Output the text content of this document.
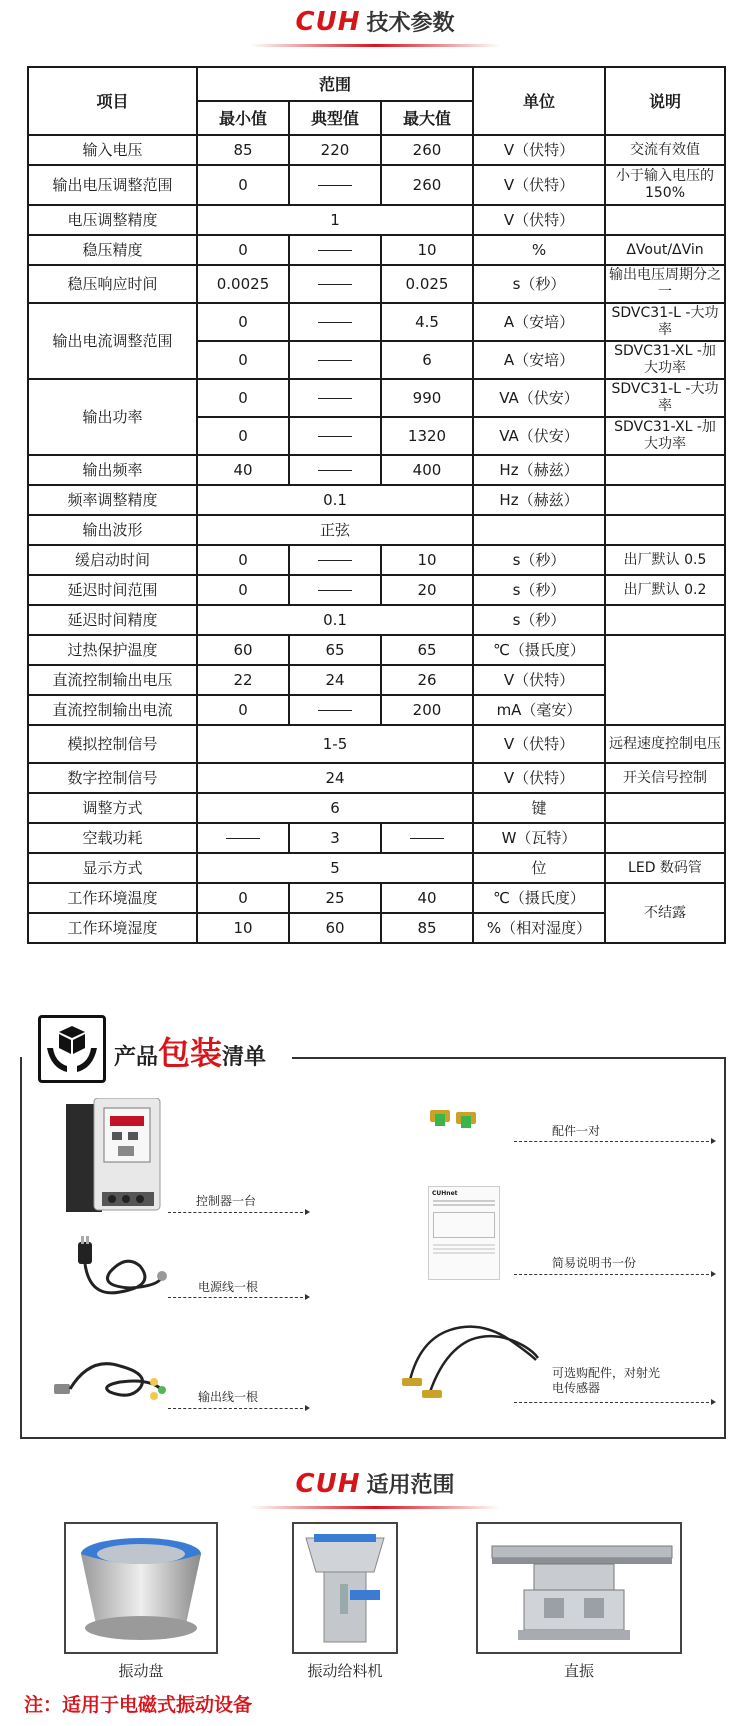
CUH 技术参数
项目	范围			单位	说明
	最小值	典型值	最大值		
输入电压	85	220	260	V（伏特）	交流有效值
输出电压调整范围	0		260	V（伏特）	小于输入电压的 150%
电压调整精度	1			V（伏特）	
稳压精度	0		10	%	ΔVout/ΔVin
稳压响应时间	0.0025		0.025	s（秒）	输出电压周期分之一
输出电流调整范围	0		4.5	A（安培）	SDVC31-L -大功率
	0		6	A（安培）	SDVC31-XL -加大功率
输出功率	0		990	VA（伏安）	SDVC31-L -大功率
	0		1320	VA（伏安）	SDVC31-XL -加大功率
输出频率	40		400	Hz（赫兹）	
频率调整精度	0.1			Hz（赫兹）	
输出波形	正弦				
缓启动时间	0		10	s（秒）	出厂默认 0.5
延迟时间范围	0		20	s（秒）	出厂默认 0.2
延迟时间精度	0.1			s（秒）	
过热保护温度	60	65	65	℃（摄氏度）	
直流控制输出电压	22	24	26	V（伏特）	
直流控制输出电流	0		200	mA（毫安）	
模拟控制信号	1-5			V（伏特）	远程速度控制电压
数字控制信号	24			V（伏特）	开关信号控制
调整方式	6			键	
空载功耗		3		W（瓦特）	
显示方式	5			位	LED 数码管
工作环境温度	0	25	40	℃（摄氏度）	不结露
工作环境湿度	10	60	85	%（相对湿度）	
产品包装清单
控制器一台
电源线一根
输出线一根
配件一对
CUHnet
简易说明书一份
可选购配件，对射光电传感器
CUH 适用范围
振动盘	振动给料机	直振
注：适用于电磁式振动设备
